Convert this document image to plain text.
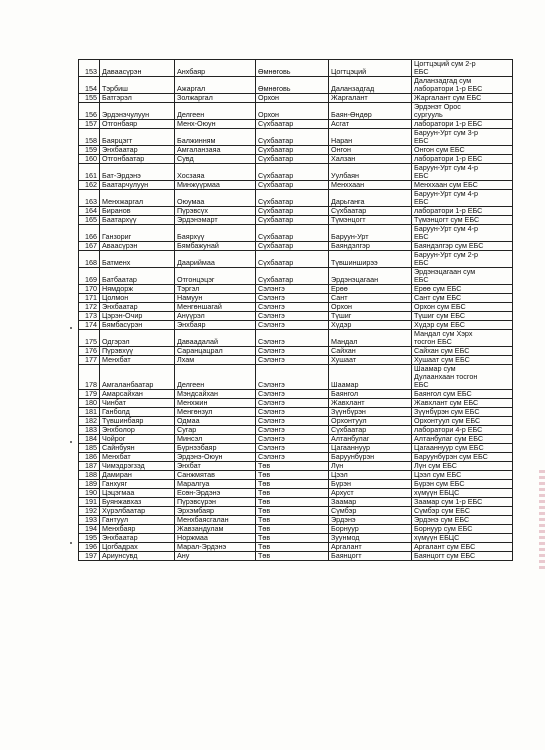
153	Даваасүрэн	Анхбаяр	Өмнөговь	Цогтцэций	Цогтцэций сум 2-р
ЕБС

154	Тэрбиш	Ажаргал	Өмнөговь	Даланзадгад	Даланзадгад сум
лаборатори 1-р ЕБС

155	Батгэрэл	Золжаргал	Орхон	Жаргалант	Жаргалант сум ЕБС

156	Эрдэнэчулуун	Делгеен	Орхон	Баян-Өндөр	Эрдэнэт Орос
сургууль

157	Отгонбаяр	Менх-Оюун	Сүхбаатар	Асгат	лаборатори 1-р ЕБС

158	Баярцэгт	Балжинням	Сүхбаатар	Наран	Баруун-Урт сум 3-р
ЕБС

159	Энхбаатар	Амгаланзаяа	Сүхбаатар	Онгон	Онгон сум ЕБС

160	Отгонбаатар	Сувд	Сүхбаатар	Халзан	лаборатори 1-р ЕБС

161	Бат-Эрдэнэ	Хосзаяа	Сүхбаатар	Уулбаян	Баруун-Урт сум 4-р
ЕБС

162	Баатарчулуун	Минжүүрмаа	Сүхбаатар	Менххаан	Менххаан сум ЕБС

163	Менхжаргал	Оюумаа	Сүхбаатар	Дарьганга	Баруун-Урт сум 4-р
ЕБС

164	Биранов	Пүрэвсүх	Сүхбаатар	Сүхбаатар	лаборатори 1-р ЕБС

165	Баатархүү	Эрдэнэмарт	Сүхбаатар	Түмэнцогт	Түмэнцогт сум ЕБС

166	Ганзориг	Баярхүү	Сүхбаатар	Баруун-Урт	Баруун-Урт сум 4-р
ЕБС

167	Авааcүрэн	Бямбажунай	Сүхбаатар	Баяндэлгэр	Баяндэлгэр сум ЕБС

168	Батменх	Даариймаа	Сүхбаатар	Түвшинширээ	Баруун-Урт сум 2-р
ЕБС

169	Батбаатар	Отгонцэцэг	Сүхбаатар	Эрдэнэцагаан	Эрдэнэцагаан сум
ЕБС

170	Нямдорж	Тэргэл	Сэлэнгэ	Ерөө	Ерөө сум ЕБС

171	Цолмон	Намуун	Сэлэнгэ	Сант	Сант сум ЕБС

172	Энхбаатар	Менгөншагай	Сэлэнгэ	Орхон	Орхон сум ЕБС

173	Цэрэн-Очир	Анүүрэл	Сэлэнгэ	Түшиг	Түшиг сум ЕБС

174	Бямбасүрэн	Энхбаяр	Сэлэнгэ	Хүдэр	Хүдэр сум ЕБС

175	Одгэрэл	Даваадалай	Сэлэнгэ	Мандал	Мандал сум Хэрх
тосгон ЕБС

176	Пүрэвхүү	Саранцацрал	Сэлэнгэ	Сайхан	Сайхан сум ЕБС

177	Менхбат	Лхам	Сэлэнгэ	Хушаат	Хушаат сум ЕБС

178	Амгаланбаатар	Делгеен	Сэлэнгэ	Шаамар	Шаамар сум
Дулаанхаан тосгон
ЕБС

179	Амарсайхан	Мэндсайхан	Сэлэнгэ	Баянгол	Баянгол сум ЕБС

180	Чинбат	Менхжин	Сэлэнгэ	Жавхлант	Жавхлант сум ЕБС

181	Ганболд	Менгөнзул	Сэлэнгэ	Зүүнбүрэн	Зүүнбүрэн сум ЕБС

182	Түвшинбаяр	Одмаа	Сэлэнгэ	Орхонтуул	Орхонтуул сум ЕБС

183	Энхболор	Сугар	Сэлэнгэ	Сүхбаатар	лаборатори 4-р ЕБС

184	Чойрог	Минсэл	Сэлэнгэ	Алтанбулаг	Алтанбулаг сум ЕБС

185	Сайнбуян	Бүрнээбаяр	Сэлэнгэ	Цагааннуур	Цагааннуур сум ЕБС

186	Менхбат	Эрдэнэ-Оюун	Сэлэнгэ	Баруунбүрэн	Баруунбүрэн сум ЕБС

187	Чимэдрэгзэд	Энхбат	Төв	Лүн	Лүн сум ЕБС

188	Дамиран	Санжмятав	Төв	Цээл	Цээл сум ЕБС

189	Ганхуяг	Маралгуа	Төв	Бүрэн	Бүрэн сум ЕБС

190	Цэцэгмаа	Есөн-Эрдэнэ	Төв	Архуст	хүмүүн ЕБЦС

191	Буянжавхаз	Пүрэвсүрэн	Төв	Заамар	Заамар сум 1-р ЕБС

192	Хүрэлбаатар	Эрхэмбаяр	Төв	Сүмбэр	Сүмбэр сум ЕБС

193	Гантуул	Менхбаясгалан	Төв	Эрдэнэ	Эрдэнэ сум ЕБС

194	Менхбаяр	Жавзандулам	Төв	Борнуур	Борнуур сум ЕБС

195	Энхбаатар	Норжмаа	Төв	Зуунмод	хүмүүн ЕБЦС

196	Цогбадрах	Марал-Эрдэнэ	Төв	Аргалант	Аргалант сум ЕБС

197	Ариунсувд	Ану	Төв	Баянцогт	Баянцогт сум ЕБС
